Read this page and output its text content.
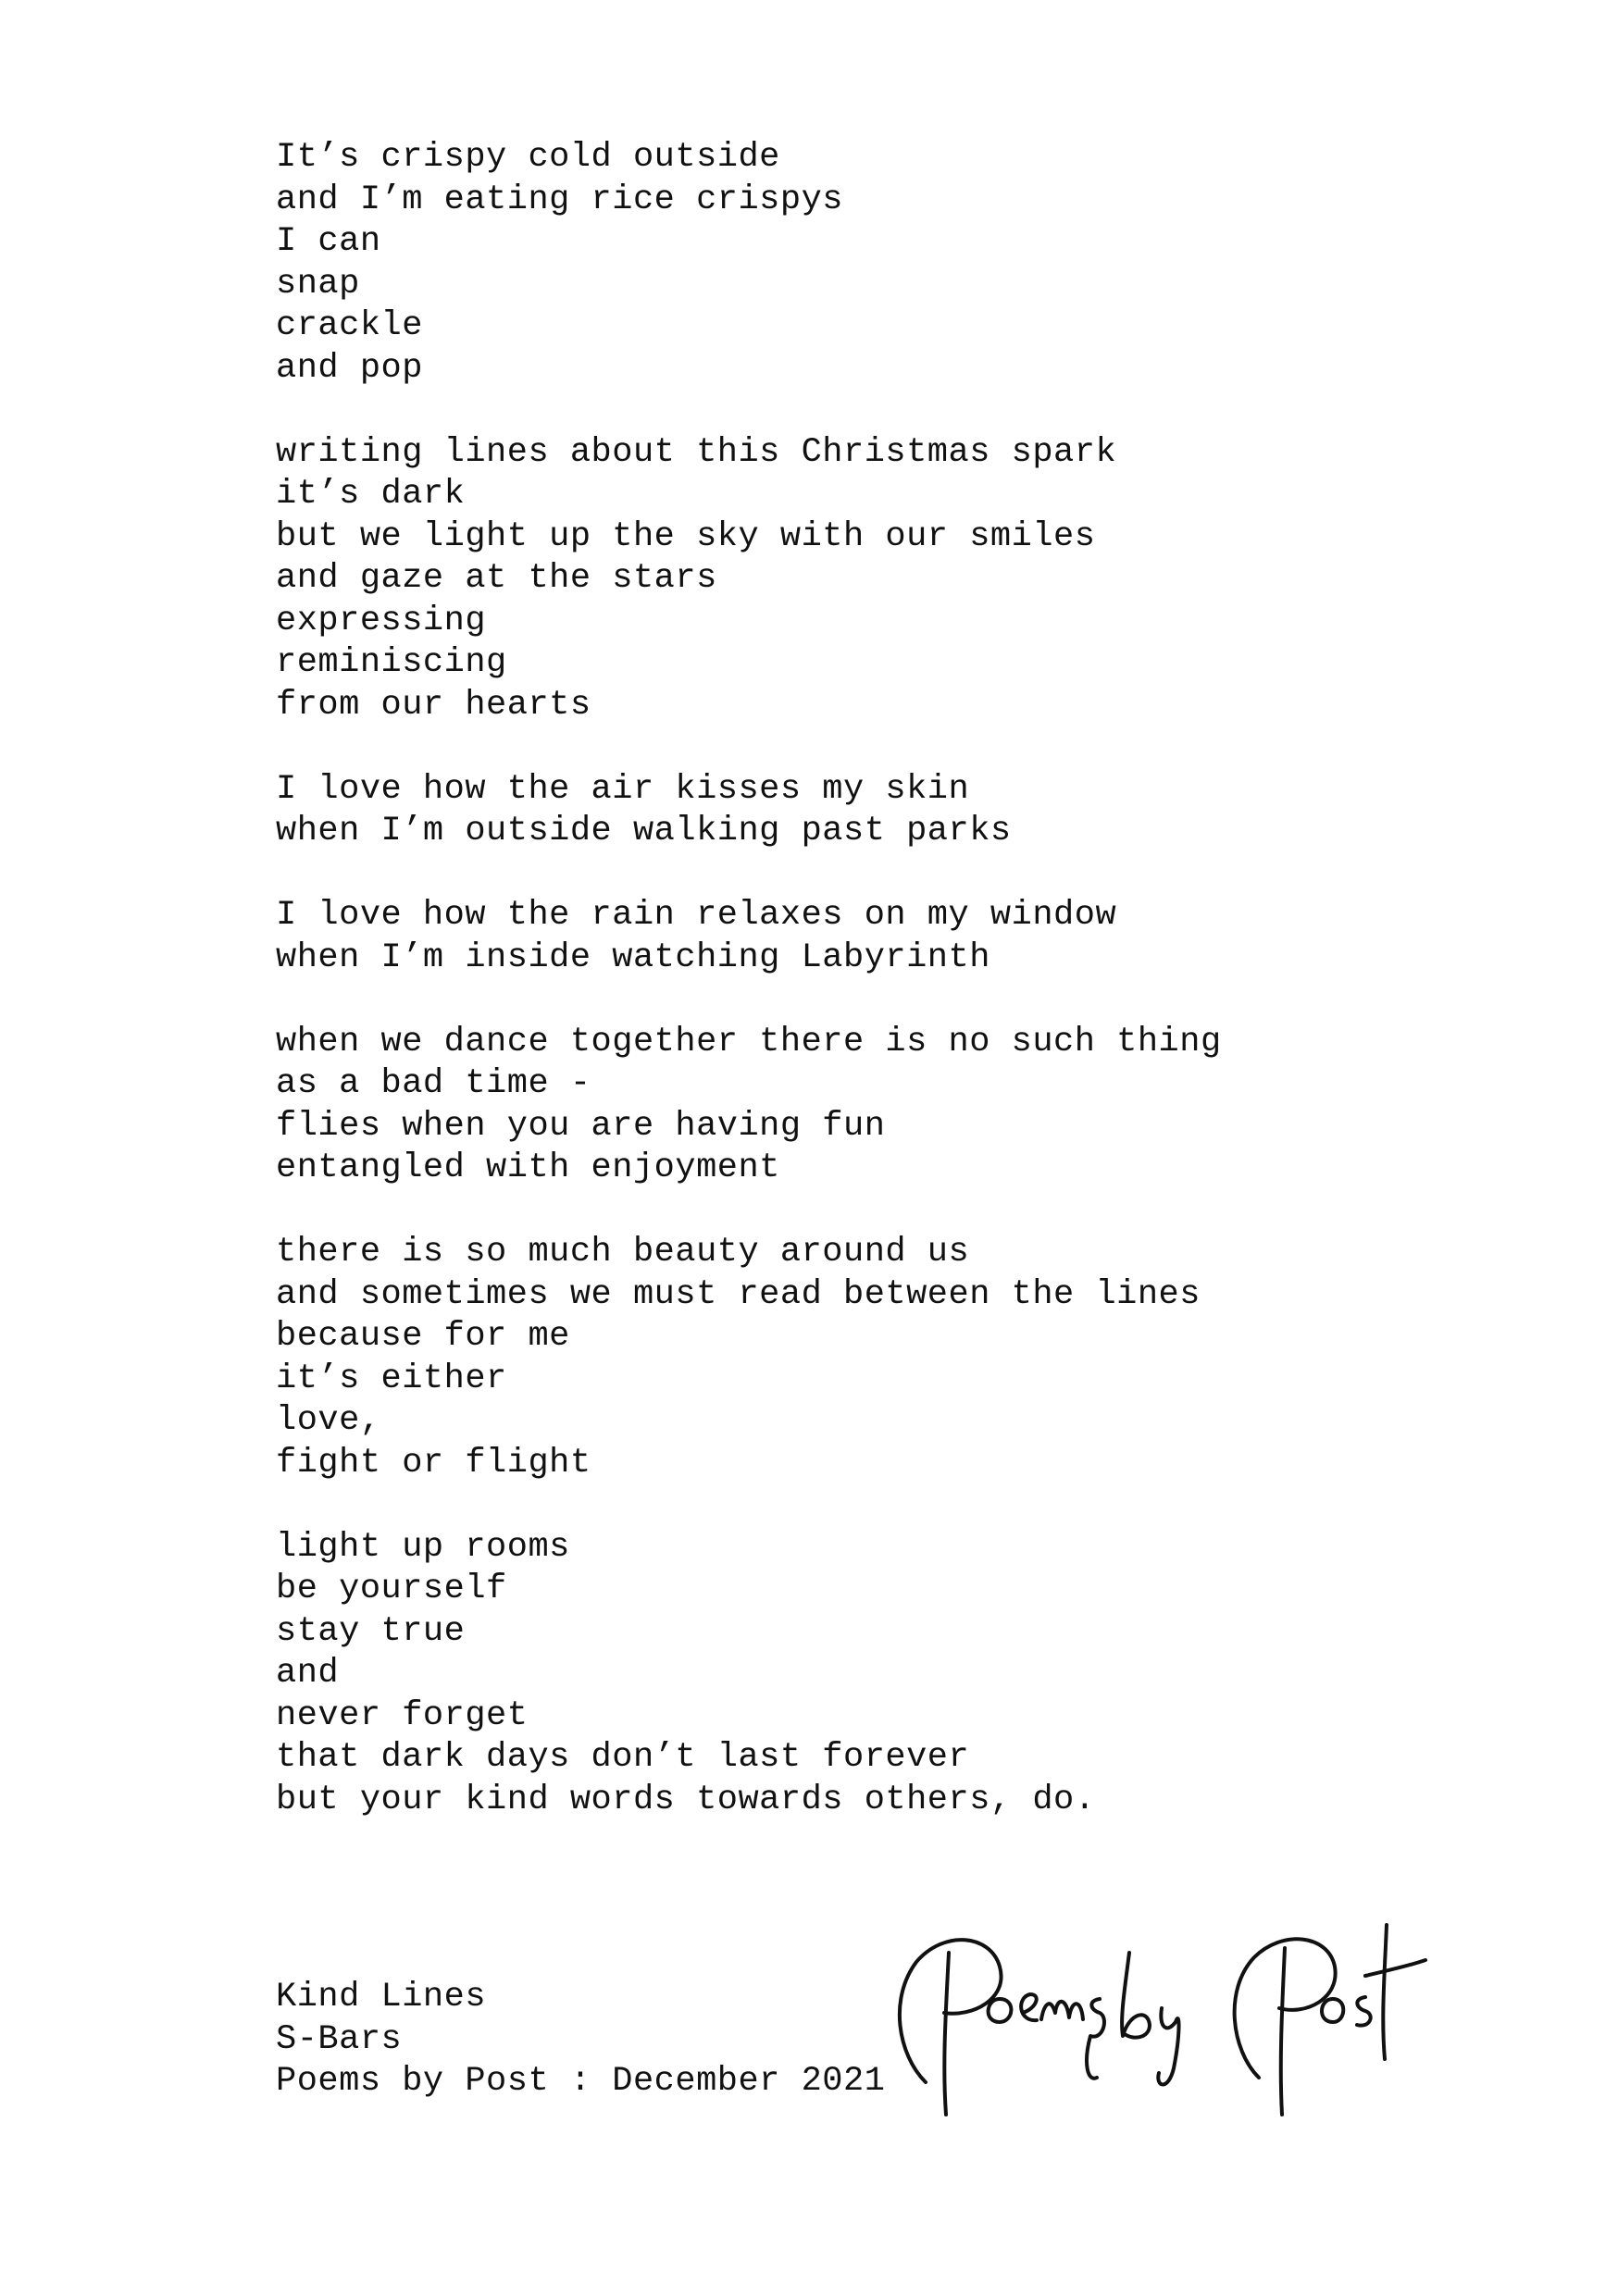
It’s crispy cold outside
and I’m eating rice crispys
I can
snap
crackle
and pop
writing lines about this Christmas spark
it’s dark
but we light up the sky with our smiles
and gaze at the stars
expressing
reminiscing
from our hearts
I love how the air kisses my skin
when I’m outside walking past parks
I love how the rain relaxes on my window
when I’m inside watching Labyrinth
when we dance together there is no such thing
as a bad time -
flies when you are having fun
entangled with enjoyment
there is so much beauty around us
and sometimes we must read between the lines
because for me
it’s either
love,
fight or flight
light up rooms
be yourself
stay true
and
never forget
that dark days don’t last forever
but your kind words towards others, do.
Kind Lines
S-Bars
Poems by Post : December 2021
